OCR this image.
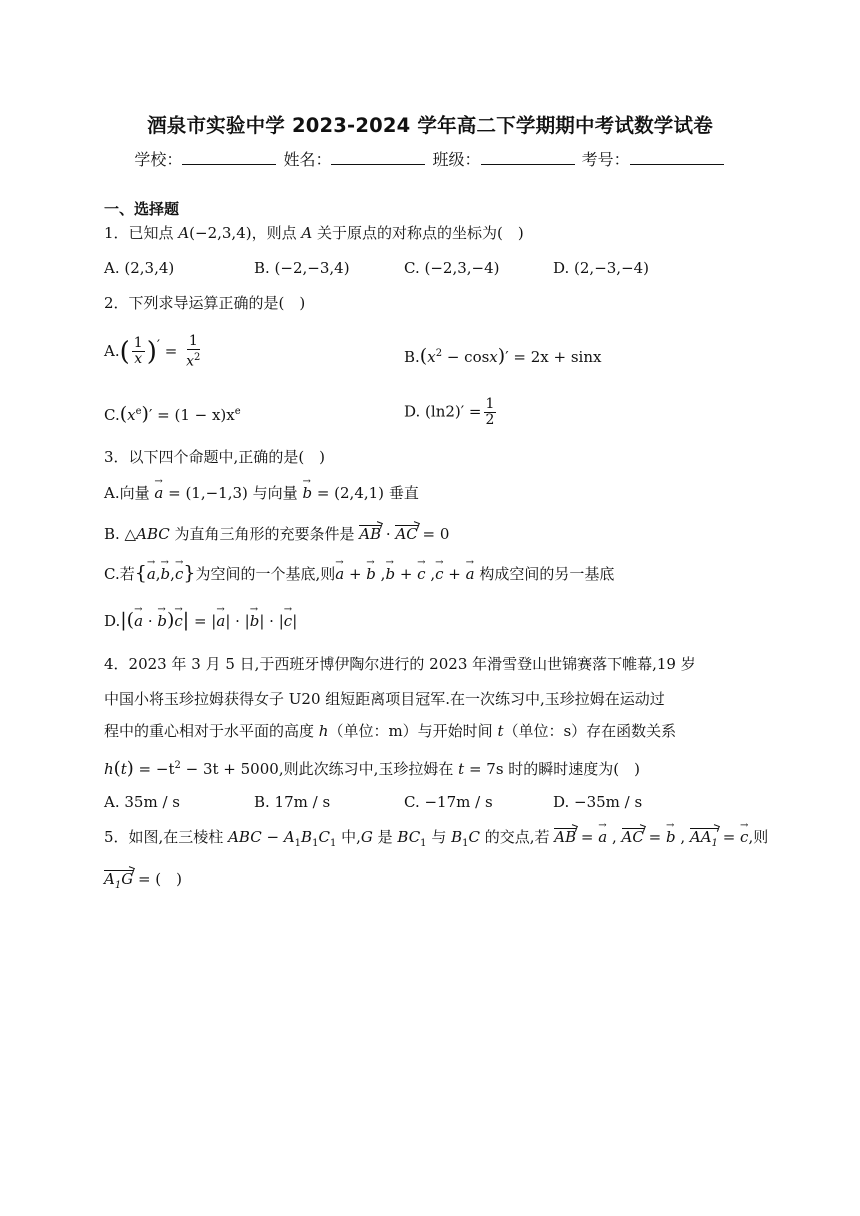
酒泉市实验中学 2023-2024 学年高二下学期期中考试数学试卷
学校：	姓名：	班级：	考号：
一、选择题
1．已知点 A(−2,3,4)，则点 A 关于原点的对称点的坐标为(　)
A. (2,3,4)	B. (−2,−3,4)	C. (−2,3,−4)	D. (2,−3,−4)
2．下列求导运算正确的是(　)
$A.( \frac{1}{x} )' = \frac{1}{x^2}$	$B.(x^2 - \cos x)' = 2x + \sin x$
$C.(x^e)' = (1 - x)x^e$	D. $(\ln 2)' = \frac{1}{2}$
3．以下四个命题中,正确的是(　)
A.向量 → a = (1,−1,3) 与向量 → b = (2,4,1) 垂直
B. △ABC 为直角三角形的充要条件是 AB · AC = 0
C.若{→ a,→ b,→ c}为空间的一个基底,则→ a + → b ,→ b + → c ,→ c + → a 构成空间的另一基底
D.|(→ a · → b)→ c| = |→ a| · |→ b| · |→ c|
4．2023 年 3 月 5 日,于西班牙博伊陶尔进行的 2023 年滑雪登山世锦赛落下帷幕,19 岁
中国小将玉珍拉姆获得女子 U20 组短距离项目冠军.在一次练习中,玉珍拉姆在运动过
程中的重心相对于水平面的高度 h（单位：m）与开始时间 t（单位：s）存在函数关系
$h(t) = -t^2 - 3t + 5000$,则此次练习中,玉珍拉姆在 t = 7s 时的瞬时速度为(　)
A. 35m / s	B. 17m / s	C. −17m / s	D. −35m / s
5．如图,在三棱柱 ABC − $A_1B_1C_1$ 中,G 是 $BC_1$ 与 $B_1C$ 的交点,若 AB = → a , AC = → b , $AA_1$ = → c,则
$A_1G$ = (　)
